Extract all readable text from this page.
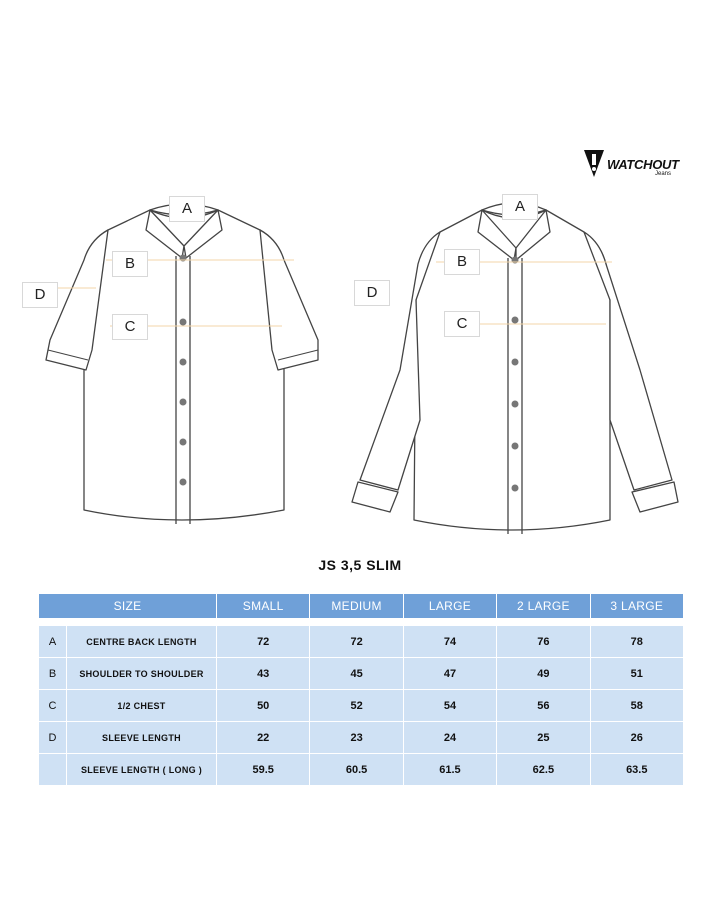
WATCHOUT
Jeans
A
B
C
D
A
B
C
D
JS 3,5 SLIM
SIZE		SMALL	MEDIUM	LARGE	2 LARGE	3 LARGE

A	CENTRE BACK LENGTH	72	72	74	76	78
B	SHOULDER TO SHOULDER	43	45	47	49	51
C	1/2 CHEST	50	52	54	56	58
D	SLEEVE LENGTH	22	23	24	25	26
	SLEEVE LENGTH ( LONG )	59.5	60.5	61.5	62.5	63.5
